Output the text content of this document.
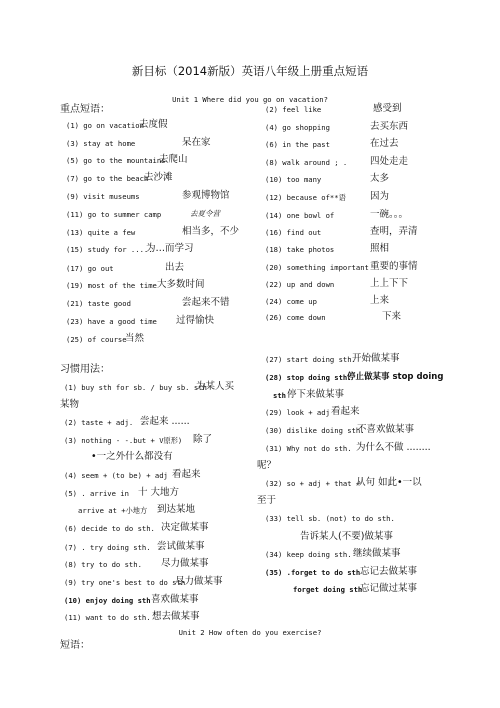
新目标（2014新版）英语八年级上册重点短语
Unit 1 Where did you go on vacation?
重点短语：
(1) go on vacation
去度假
(3) stay at home	呆在家
(5) go to the mountains
去爬山
(7) go to the beach
去沙滩
(9) visit museums	参观博物馆
(11) go to summer camp	去夏令营
(13) quite a few	相当多，不少
(15) study for .....
为…而学习
(17) go out	出去
(19) most of the time 大多数时间
(21) taste good	尝起来不错
(23) have a good time 过得愉快
(25) of course
当然
(2) feel like	感受到
(4) go shopping	去买东西
(6) in the past	在过去
(8) walk around ; . 四处走走
(10) too many	太多
(12) because of**语	因为
(14) one bowl of	一碗。。。
(16) find out	查明，弄清
(18) take photos	照相
(20) something important 重要的事情
(22) up and down	上上下下
(24) come up	上来
(26) come down	下来
习惯用法：
(1) buy sth for sb. / buy sb. sth
为某人买
某物
(2) taste + adj. 尝起来 ......
(3) nothing - -.but + V原形) 除了
•一之外什么都没有
(4) seem + (to be) + adj 看起来
(5) . arrive in 十 大地方
arrive at +小地方 到达某地
(6) decide to do sth. 决定做某事
(7) . try doing sth. 尝试做某事
(8) try to do sth. 尽力做某事
(9) try one's best to do sth
尽力做某事
(10) enjoy doing sth 喜欢做某事
(11) want to do sth. 想去做某事
(27) start doing sth.
开始做某事
(28) stop doing sth.
停止做某事 stop doing
sth 停下来做某事
(29) look + adj 看起来
(30) dislike doing sth.
不喜欢做某事
(31) Why not do sth. 为什么不做 ........
呢？
(32) so + adj + that +
从句 如此•一以
至于
(33) tell sb. (not) to do sth.
告诉某人(不要)做某事
(34) keep doing sth. 继续做某事
(35) .forget to do sth 忘记去做某事
forget doing sth
忘记做过某事
Unit 2 How often do you exercise?
短语：
